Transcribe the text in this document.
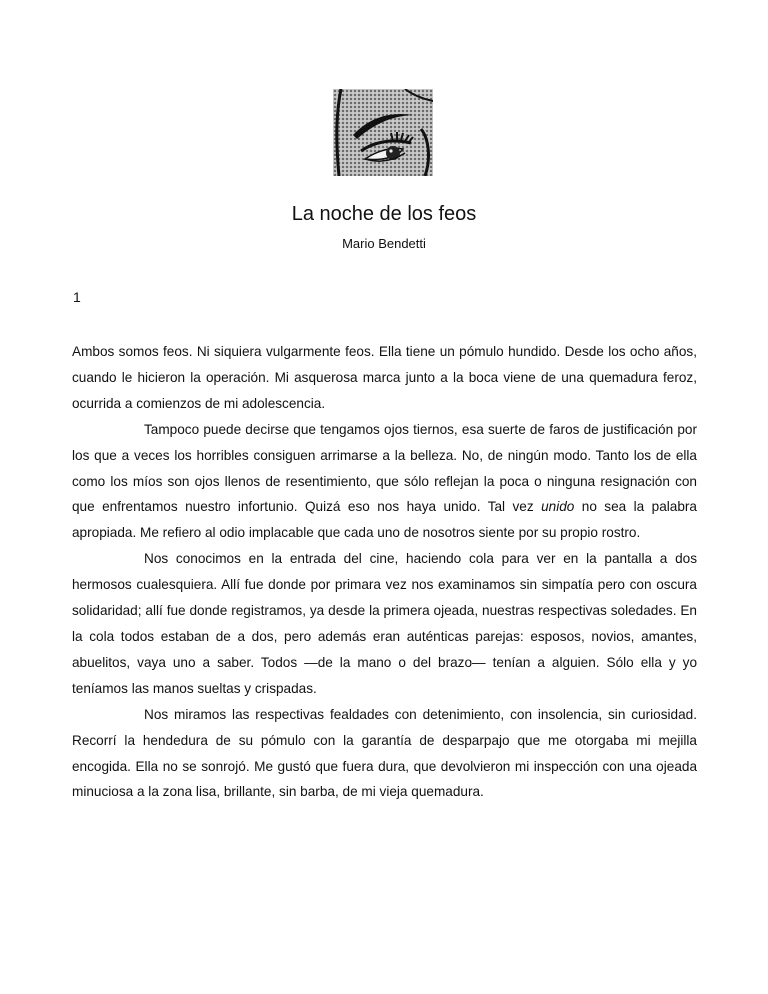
La noche de los feos
Mario Bendetti
1

Ambos somos feos. Ni siquiera vulgarmente feos. Ella tiene un pómulo hundido. Desde los ocho años, cuando le hicieron la operación. Mi asquerosa marca junto a la boca viene de una quemadura feroz, ocurrida a comienzos de mi adolescencia.

Tampoco puede decirse que tengamos ojos tiernos, esa suerte de faros de justificación por los que a veces los horribles consiguen arrimarse a la belleza. No, de ningún modo. Tanto los de ella como los míos son ojos llenos de resentimiento, que sólo reflejan la poca o ninguna resignación con que enfrentamos nuestro infortunio. Quizá eso nos haya unido. Tal vez unido no sea la palabra apropiada. Me refiero al odio implacable que cada uno de nosotros siente por su propio rostro.

Nos conocimos en la entrada del cine, haciendo cola para ver en la pantalla a dos hermosos cualesquiera. Allí fue donde por primara vez nos examinamos sin simpatía pero con oscura solidaridad; allí fue donde registramos, ya desde la primera ojeada, nuestras respectivas soledades. En la cola todos estaban de a dos, pero además eran auténticas parejas: esposos, novios, amantes, abuelitos, vaya uno a saber. Todos —de la mano o del brazo— tenían a alguien. Sólo ella y yo teníamos las manos sueltas y crispadas.

Nos miramos las respectivas fealdades con detenimiento, con insolencia, sin curiosidad. Recorrí la hendedura de su pómulo con la garantía de desparpajo que me otorgaba mi mejilla encogida. Ella no se sonrojó. Me gustó que fuera dura, que devolvieron mi inspección con una ojeada minuciosa a la zona lisa, brillante, sin barba, de mi vieja quemadura.
